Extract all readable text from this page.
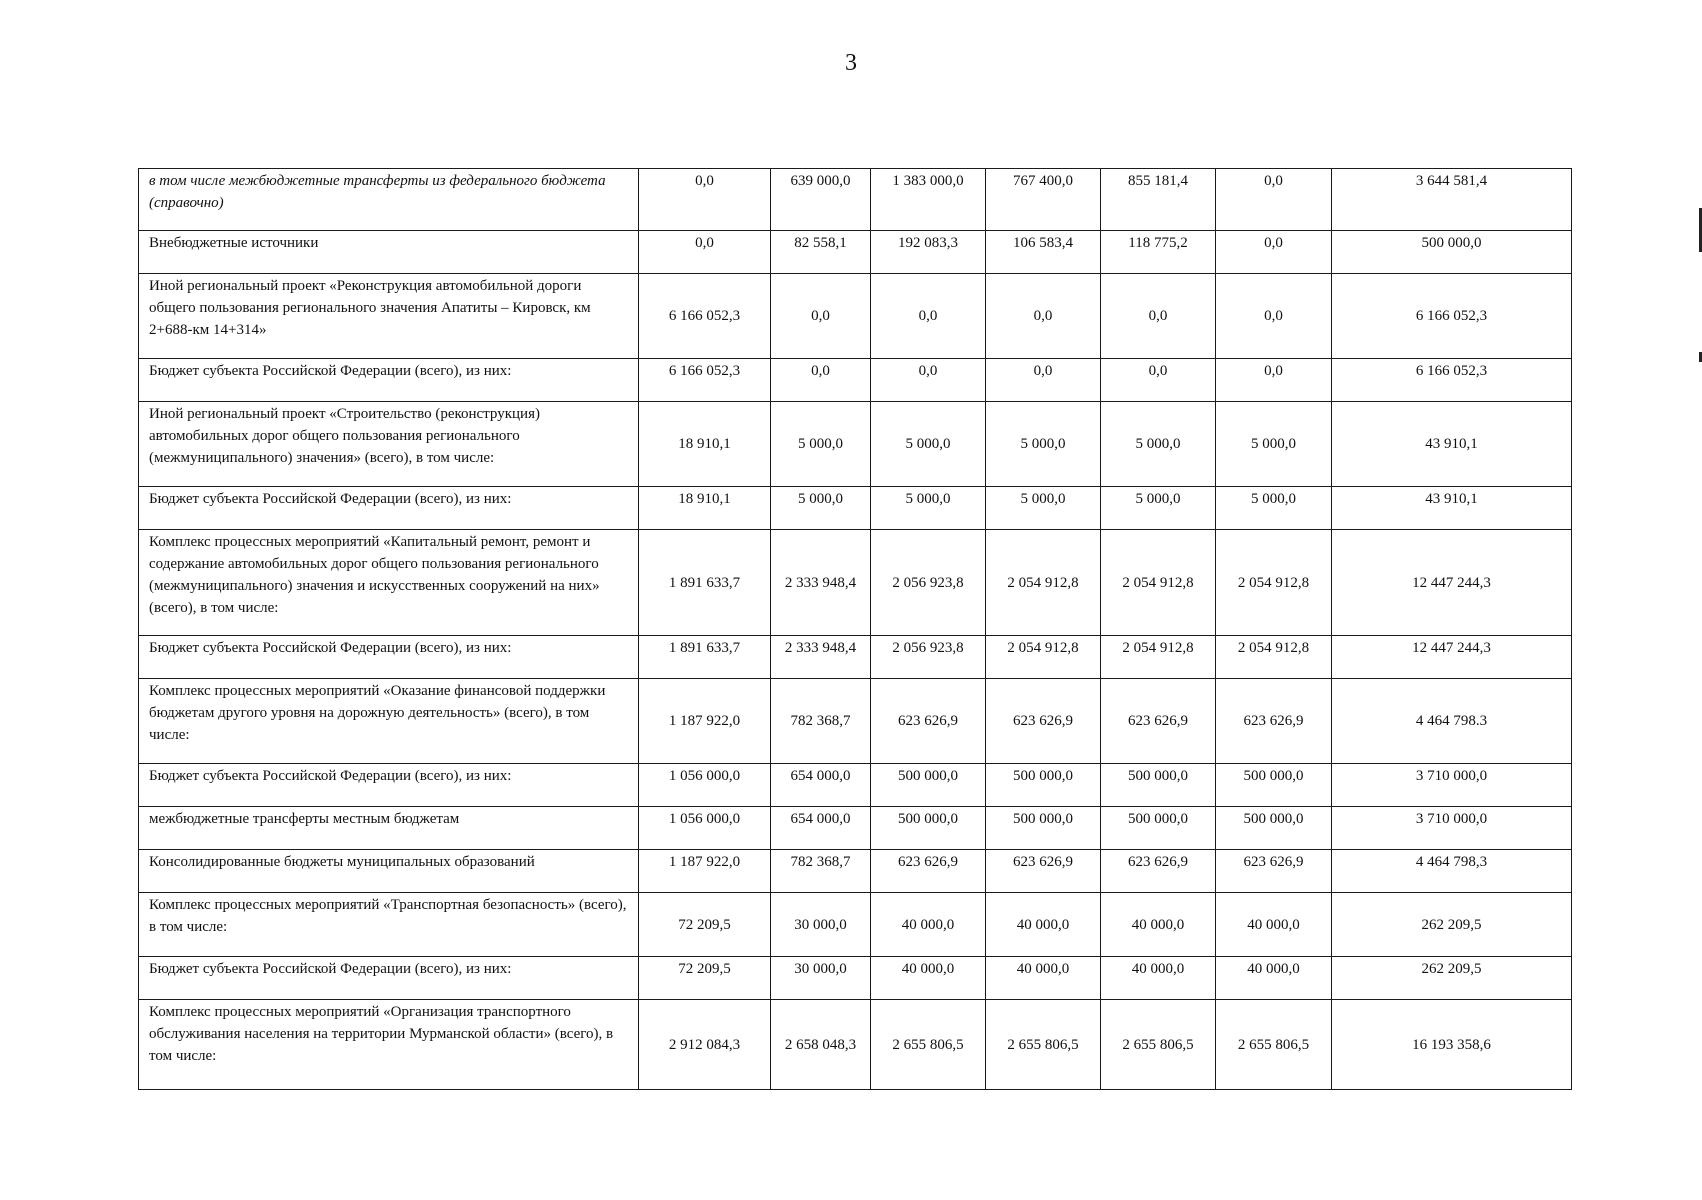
3
в том числе межбюджетные трансферты из федерального бюджета (справочно)	0,0	639 000,0	1 383 000,0	767 400,0	855 181,4	0,0	3 644 581,4
Внебюджетные источники	0,0	82 558,1	192 083,3	106 583,4	118 775,2	0,0	500 000,0
Иной региональный проект «Реконструкция автомобильной дороги общего пользования регионального значения Апатиты – Кировск, км 2+688-км 14+314»	6 166 052,3	0,0	0,0	0,0	0,0	0,0	6 166 052,3
Бюджет субъекта Российской Федерации (всего), из них:	6 166 052,3	0,0	0,0	0,0	0,0	0,0	6 166 052,3
Иной региональный проект «Строительство (реконструкция) автомобильных дорог общего пользования регионального (межмуниципального) значения» (всего), в том числе:	18 910,1	5 000,0	5 000,0	5 000,0	5 000,0	5 000,0	43 910,1
Бюджет субъекта Российской Федерации (всего), из них:	18 910,1	5 000,0	5 000,0	5 000,0	5 000,0	5 000,0	43 910,1
Комплекс процессных мероприятий «Капитальный ремонт, ремонт и содержание автомобильных дорог общего пользования регионального (межмуниципального) значения и искусственных сооружений на них» (всего), в том числе:	1 891 633,7	2 333 948,4	2 056 923,8	2 054 912,8	2 054 912,8	2 054 912,8	12 447 244,3
Бюджет субъекта Российской Федерации (всего), из них:	1 891 633,7	2 333 948,4	2 056 923,8	2 054 912,8	2 054 912,8	2 054 912,8	12 447 244,3
Комплекс процессных мероприятий «Оказание финансовой поддержки бюджетам другого уровня на дорожную деятельность» (всего), в том числе:	1 187 922,0	782 368,7	623 626,9	623 626,9	623 626,9	623 626,9	4 464 798.3
Бюджет субъекта Российской Федерации (всего), из них:	1 056 000,0	654 000,0	500 000,0	500 000,0	500 000,0	500 000,0	3 710 000,0
межбюджетные трансферты местным бюджетам	1 056 000,0	654 000,0	500 000,0	500 000,0	500 000,0	500 000,0	3 710 000,0
Консолидированные бюджеты муниципальных образований	1 187 922,0	782 368,7	623 626,9	623 626,9	623 626,9	623 626,9	4 464 798,3
Комплекс процессных мероприятий «Транспортная безопасность» (всего), в том числе:	72 209,5	30 000,0	40 000,0	40 000,0	40 000,0	40 000,0	262 209,5
Бюджет субъекта Российской Федерации (всего), из них:	72 209,5	30 000,0	40 000,0	40 000,0	40 000,0	40 000,0	262 209,5
Комплекс процессных мероприятий «Организация транспортного обслуживания населения на территории Мурманской области» (всего), в том числе:	2 912 084,3	2 658 048,3	2 655 806,5	2 655 806,5	2 655 806,5	2 655 806,5	16 193 358,6
